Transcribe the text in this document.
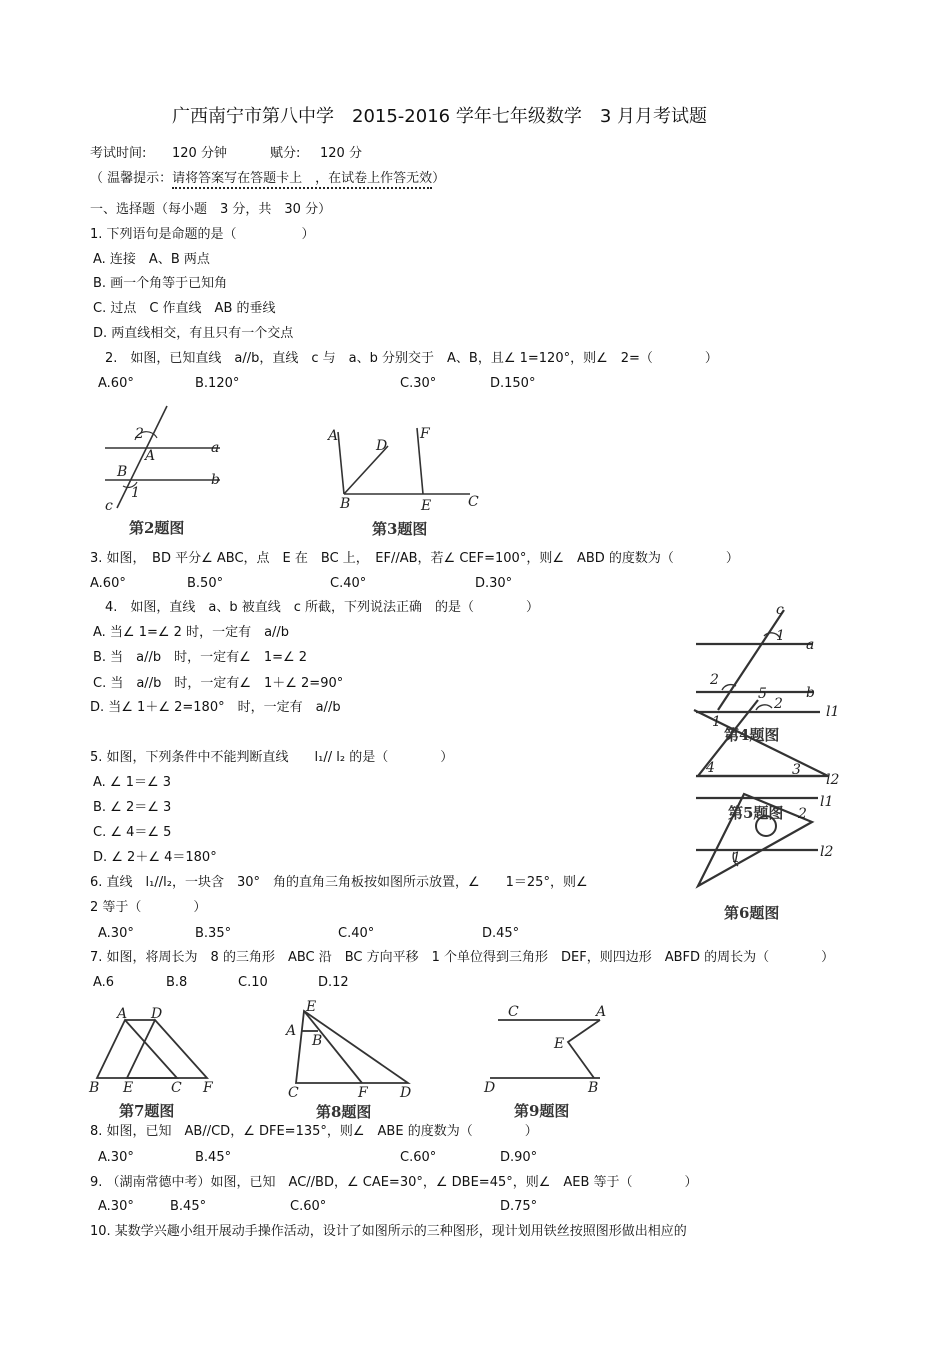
广西南宁市第八中学　2015-2016 学年七年级数学　3 月月考试题
考试时间: 120 分钟	赋分: 120 分
（ 温馨提示：请将答案写在答题卡上　，在试卷上作答无效）
一、选择题（每小题　3 分，共　30 分）
1. 下列语句是命题的是（　　　　　）
A. 连接　A、B 两点
B. 画一个角等于已知角
C. 过点　C 作直线　AB 的垂线
D. 两直线相交，有且只有一个交点
2.　如图，已知直线　a//b，直线　c 与　a、b 分别交于　A、B，且∠ 1=120°，则∠　2=（　　　　）
A.60°	B.120°	C.30°	D.150°
2
A	a
B
1
b
c
第2题图
A
D
F
B	E	C
第3题图
3. 如图，　BD 平分∠ ABC，点　E 在　BC 上，　EF//AB，若∠ CEF=100°，则∠　ABD 的度数为（　　　　）
A.60°	B.50°	C.40°	D.30°
4.　如图，直线　a、b 被直线　c 所截，下列说法正确　的是（　　　　）
A. 当∠ 1=∠ 2 时，一定有　a//b
B. 当　a//b　时，一定有∠　1=∠ 2
C. 当　a//b　时，一定有∠　1＋∠ 2=90°
D. 当∠ 1＋∠ 2=180°　时，一定有　a//b
c
1
a
2
b
第4题图
5
2	l1
1
4	3
l2
第5题图
l1
2
1	l2
第6题图
5. 如图，下列条件中不能判断直线　　l₁// l₂ 的是（　　　　）
A. ∠ 1＝∠ 3
B. ∠ 2＝∠ 3
C. ∠ 4＝∠ 5
D. ∠ 2＋∠ 4＝180°
6. 直线　l₁//l₂，一块含　30°　角的直角三角板按如图所示放置，∠　　1＝25°，则∠
2 等于（　　　　）
A.30°	B.35°	C.40°	D.45°
7. 如图，将周长为　8 的三角形　ABC 沿　BC 方向平移　1 个单位得到三角形　DEF，则四边形　ABFD 的周长为（　　　　）
A.6	B.8	C.10	D.12
A D
B E	C F
第7题图
E
A
B
C	F D
第8题图
C	A
E
D	B
第9题图
8. 如图，已知　AB//CD，∠ DFE=135°，则∠　ABE 的度数为（　　　　）
A.30°	B.45°	C.60°	D.90°
9. （湖南常德中考）如图，已知　AC//BD，∠ CAE=30°，∠ DBE=45°，则∠　AEB 等于（　　　　）
A.30°	B.45°	C.60°	D.75°
10. 某数学兴趣小组开展动手操作活动，设计了如图所示的三种图形，现计划用铁丝按照图形做出相应的
